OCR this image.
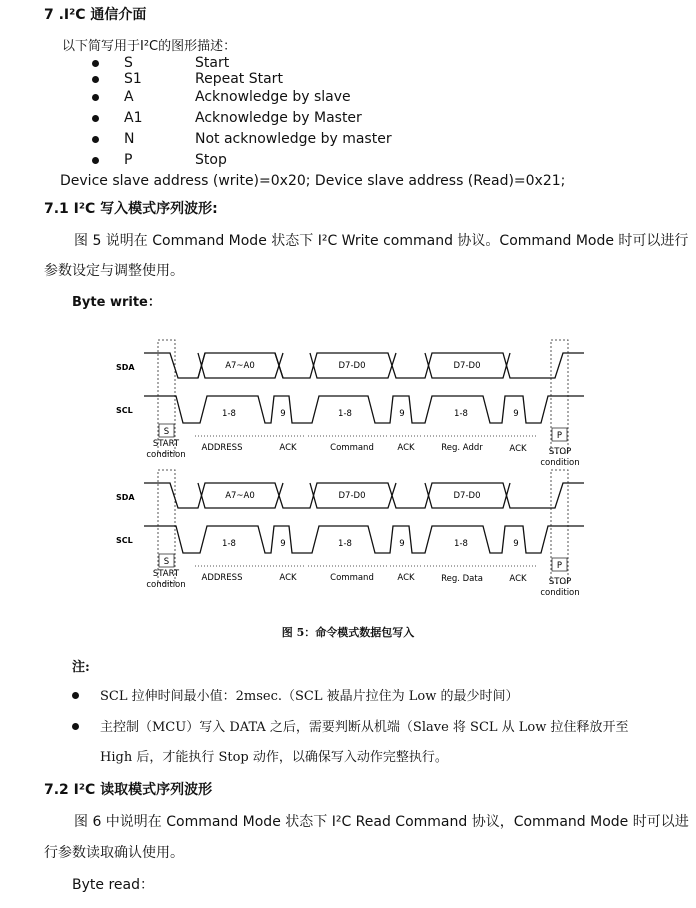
7 .I²C 通信介面
以下简写用于I²C的图形描述：
S	Start
S1	Repeat Start
A	Acknowledge by slave
A1	Acknowledge by Master
N	Not acknowledge by master
P	Stop
Device slave address (write)=0x20; Device slave address (Read)=0x21;
7.1 I²C 写入模式序列波形:
图 5 说明在 Command Mode 状态下 I²C Write command 协议。Command Mode 时可以进行
参数设定与调整使用。
Byte write：
SDA
SCL
A7~A0	D7-D0	D7-D0
1-8	9	1-8	9	1-8	9
S	P
START
condition	STOP
condition
ADDRESS	ACK	Command	ACK	Reg. Addr	ACK
SDA
SCL
A7~A0	D7-D0	D7-D0
1-8	9	1-8	9	1-8	9
S	P
START
condition	STOP
condition
ADDRESS	ACK	Command	ACK	Reg. Data	ACK
图 5：命令模式数据包写入
注:
SCL 拉伸时间最小值：2msec.（SCL 被晶片拉住为 Low 的最少时间）
主控制（MCU）写入 DATA 之后，需要判断从机端（Slave 将 SCL 从 Low 拉住释放开至
High 后，才能执行 Stop 动作，以确保写入动作完整执行。
7.2 I²C 读取模式序列波形
图 6 中说明在 Command Mode 状态下 I²C Read Command 协议，Command Mode 时可以进
行参数读取确认使用。
Byte read：
